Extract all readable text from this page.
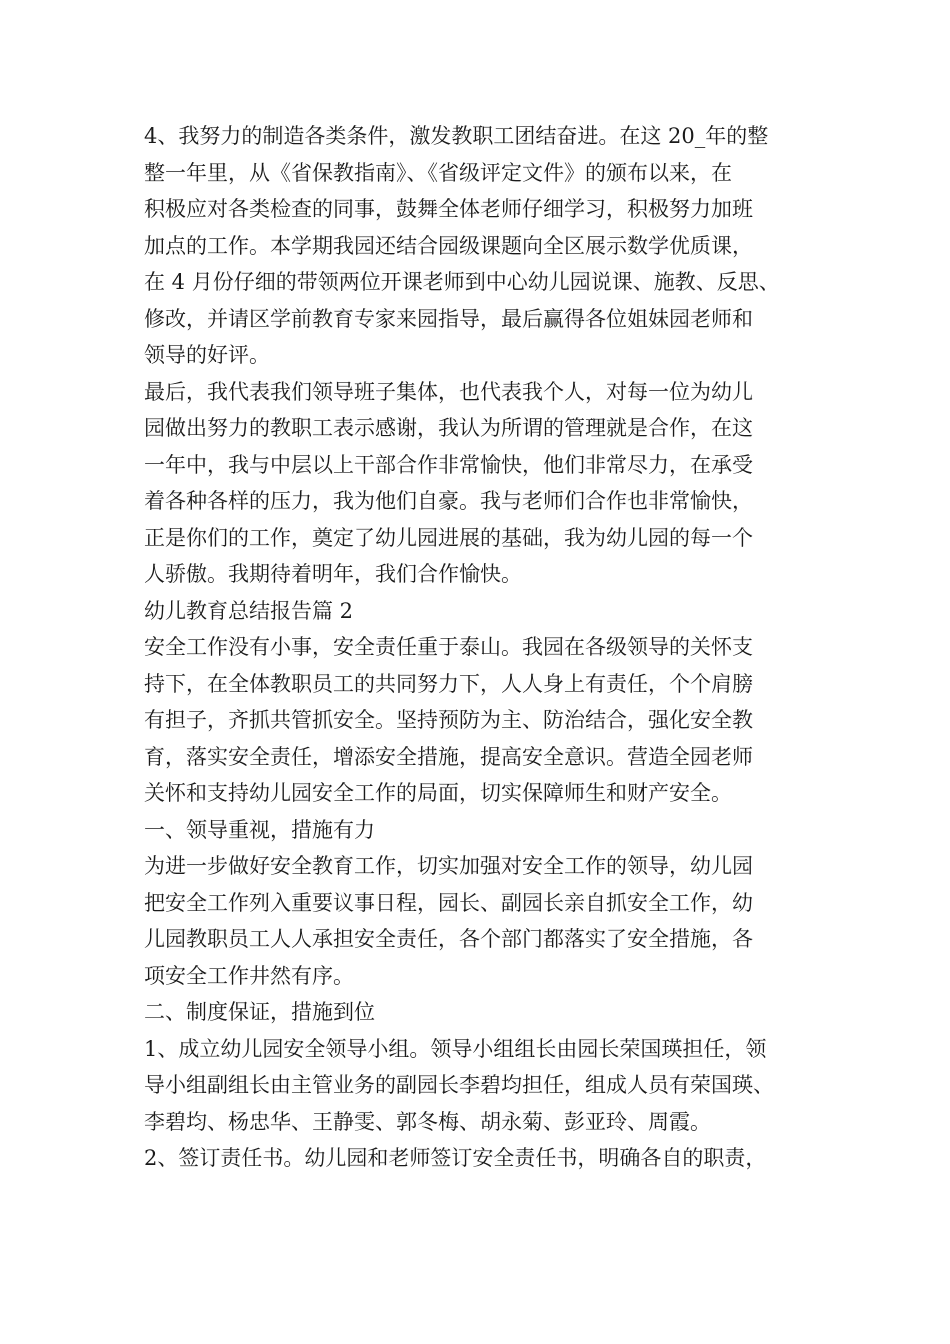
4、我努力的制造各类条件，激发教职工团结奋进。在这 20_年的整
整一年里，从《省保教指南》、《省级评定文件》的颁布以来，在
积极应对各类检查的同事，鼓舞全体老师仔细学习，积极努力加班
加点的工作。本学期我园还结合园级课题向全区展示数学优质课，
在 4 月份仔细的带领两位开课老师到中心幼儿园说课、施教、反思、
修改，并请区学前教育专家来园指导，最后赢得各位姐妹园老师和
领导的好评。
最后，我代表我们领导班子集体，也代表我个人，对每一位为幼儿
园做出努力的教职工表示感谢，我认为所谓的管理就是合作，在这
一年中，我与中层以上干部合作非常愉快，他们非常尽力，在承受
着各种各样的压力，我为他们自豪。我与老师们合作也非常愉快，
正是你们的工作，奠定了幼儿园进展的基础，我为幼儿园的每一个
人骄傲。我期待着明年，我们合作愉快。
幼儿教育总结报告篇 2
安全工作没有小事，安全责任重于泰山。我园在各级领导的关怀支
持下，在全体教职员工的共同努力下，人人身上有责任，个个肩膀
有担子，齐抓共管抓安全。坚持预防为主、防治结合，强化安全教
育，落实安全责任，增添安全措施，提高安全意识。营造全园老师
关怀和支持幼儿园安全工作的局面，切实保障师生和财产安全。
一、领导重视，措施有力
为进一步做好安全教育工作，切实加强对安全工作的领导，幼儿园
把安全工作列入重要议事日程，园长、副园长亲自抓安全工作，幼
儿园教职员工人人承担安全责任，各个部门都落实了安全措施，各
项安全工作井然有序。
二、制度保证，措施到位
1、成立幼儿园安全领导小组。领导小组组长由园长荣国瑛担任，领
导小组副组长由主管业务的副园长李碧均担任，组成人员有荣国瑛、
李碧均、杨忠华、王静雯、郭冬梅、胡永菊、彭亚玲、周霞。
2、签订责任书。幼儿园和老师签订安全责任书，明确各自的职责，
